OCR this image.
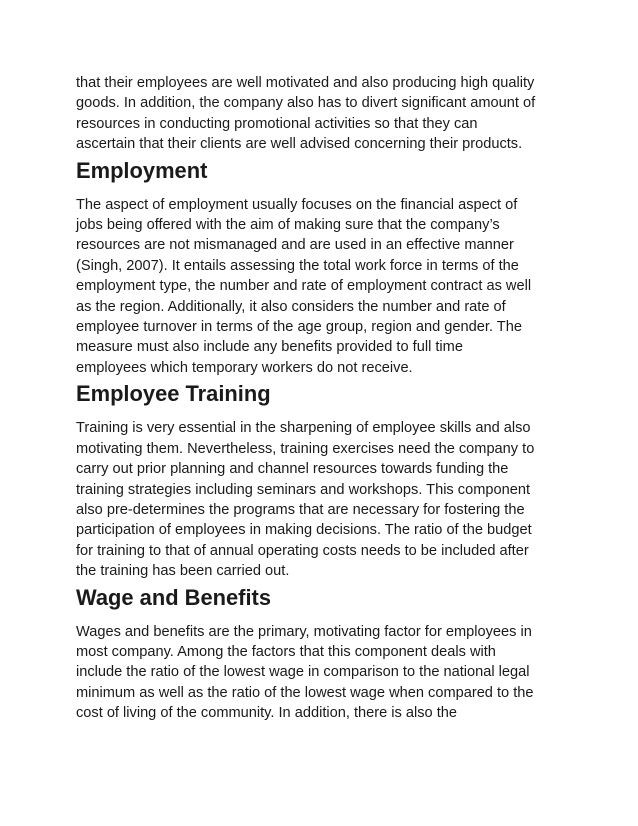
that their employees are well motivated and also producing high quality
goods. In addition, the company also has to divert significant amount of
resources in conducting promotional activities so that they can
ascertain that their clients are well advised concerning their products.

Employment

The aspect of employment usually focuses on the financial aspect of
jobs being offered with the aim of making sure that the company’s
resources are not mismanaged and are used in an effective manner
(Singh, 2007). It entails assessing the total work force in terms of the
employment type, the number and rate of employment contract as well
as the region. Additionally, it also considers the number and rate of
employee turnover in terms of the age group, region and gender. The
measure must also include any benefits provided to full time
employees which temporary workers do not receive.

Employee Training

Training is very essential in the sharpening of employee skills and also
motivating them. Nevertheless, training exercises need the company to
carry out prior planning and channel resources towards funding the
training strategies including seminars and workshops. This component
also pre-determines the programs that are necessary for fostering the
participation of employees in making decisions. The ratio of the budget
for training to that of annual operating costs needs to be included after
the training has been carried out.

Wage and Benefits

Wages and benefits are the primary, motivating factor for employees in
most company. Among the factors that this component deals with
include the ratio of the lowest wage in comparison to the national legal
minimum as well as the ratio of the lowest wage when compared to the
cost of living of the community. In addition, there is also the
